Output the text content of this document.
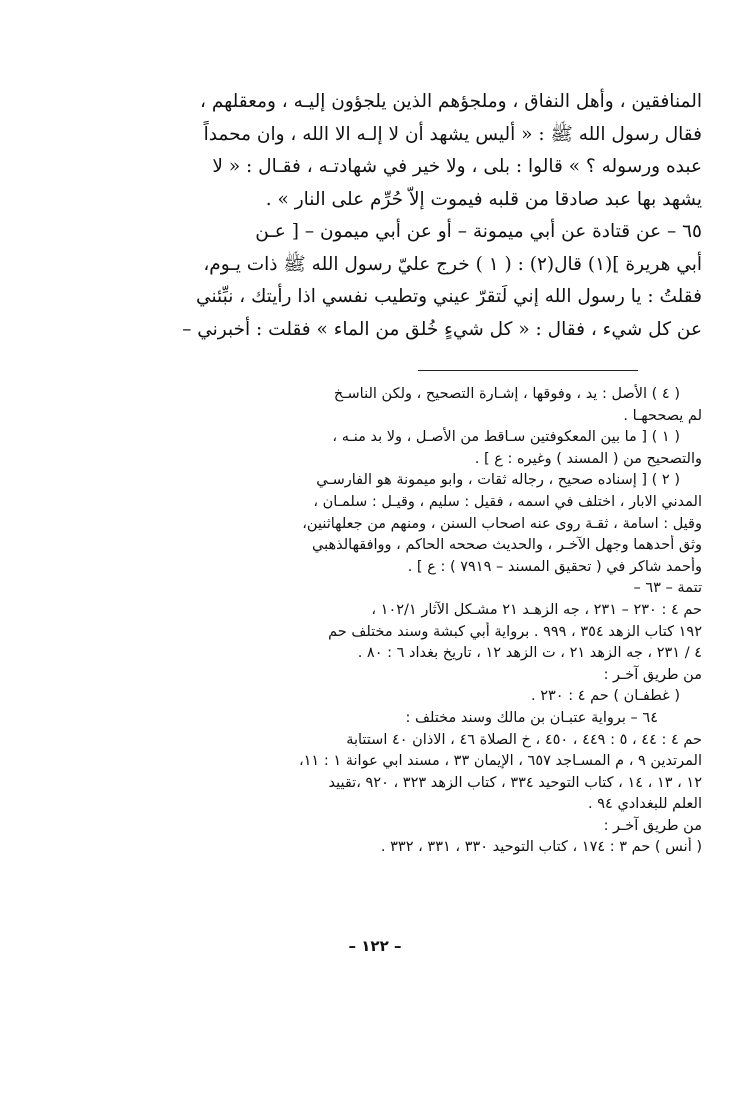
المنافقين ، وأهل النفاق ، وملجؤهم الذين يلجؤون إليـه ، ومعقلهم ،
فقال رسول الله ﷺ : « أليس يشهد أن لا إلـه الا الله ، وان محمداً
عبده ورسوله ؟ » قالوا : بلى ، ولا خير في شهادتـه ، فقـال : « لا
يشهد بها عبد صادقا من قلبه فيموت إلاّ حُرِّم على النار » .
٦٥ – عن قتادة عن أبي ميمونة – أو عن أبي ميمون – [ عـن
أبي هريرة ](١) قال(٢) : ( ١ ) خرج عليّ رسول الله ﷺ ذات يـوم،
فقلتُ : يا رسول الله إني لَتقرّ عيني وتطيب نفسي اذا رأيتك ، نبِّئني
عن كل شيء ، فقال : « كل شيءٍ خُلق من الماء » فقلت : أخبرني –
( ٤ ) الأصل : يد ، وفوقها ، إشـارة التصحيح ، ولكن الناسـخ
لم يصححهـا .
( ١ ) [ ما بين المعكوفتين سـاقط من الأصـل ، ولا بد منـه ،
والتصحيح من ( المسند ) وغيره : ع ] .
( ٢ ) [ إسناده صحيح ، رجاله ثقات ، وابو ميمونة هو الفارسـي
المدني الابار ، اختلف في اسمه ، فقيل : سليم ، وقيـل : سلمـان ،
وقيل : اسامة ، ثقـة روى عنه اصحاب السنن ، ومنهم من جعلهاثنين،
وثق أحدهما وجهل الآخـر ، والحديث صححه الحاكم ، ووافقهالذهبي
وأحمد شاكر في ( تحقيق المسند – ٧٩١٩ ) : ع ] .
تتمة – ٦٣ –
حم ٤ : ٢٣٠ – ٢٣١ ، جه الزهـد ٢١ مشـكل الآثار ١٠٢/١ ،
١٩٢ كتاب الزهد ٣٥٤ ، ٩٩٩ . برواية أبي كبشة وسند مختلف حم
٤ / ٢٣١ ، جه الزهد ٢١ ، ت الزهد ١٢ ، تاريخ بغداد ٦ : ٨٠ .
من طريق آخـر :
( غطفـان ) حم ٤ : ٢٣٠ .
٦٤ – برواية عتبـان بن مالك وسند مختلف :
حم ٤ : ٤٤ ، ٥ : ٤٤٩ ، ٤٥٠ ، خ الصلاة ٤٦ ، الاذان ٤٠ استتابة
المرتدين ٩ ، م المسـاجد ٦٥٧ ، الإيمان ٣٣ ، مسند ابي عوانة ١ : ١١،
١٢ ، ١٣ ، ١٤ ، كتاب التوحيد ٣٣٤ ، كتاب الزهد ٣٢٣ ، ٩٢٠ ،تقييد
العلم للبغدادي ٩٤ .
من طريق آخـر :
( أنس ) حم ٣ : ١٧٤ ، كتاب التوحيد ٣٣٠ ، ٣٣١ ، ٣٣٢ .
– ١٢٢ –
